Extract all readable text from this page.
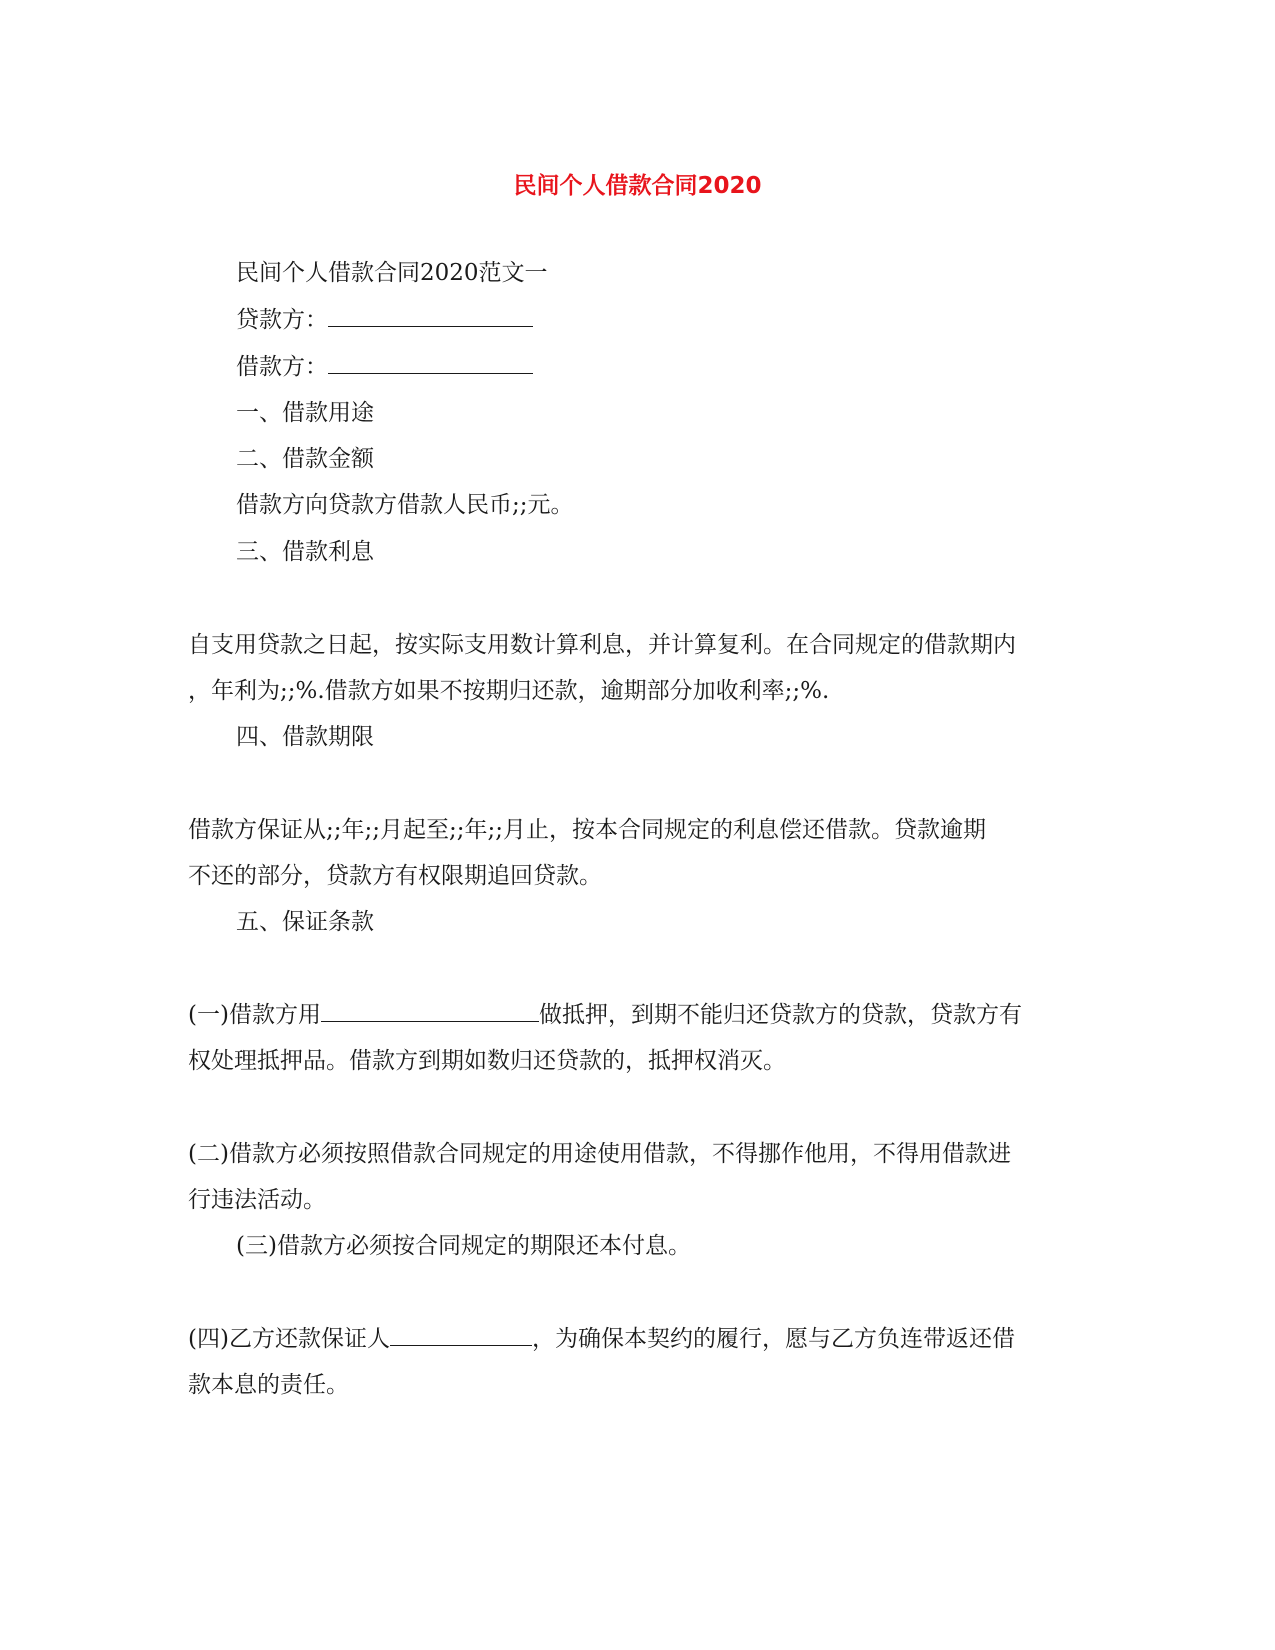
民间个人借款合同2020
民间个人借款合同2020范文一
贷款方：
借款方：
一、借款用途
二、借款金额
借款方向贷款方借款人民币;;元。
三、借款利息
自支用贷款之日起，按实际支用数计算利息，并计算复利。在合同规定的借款期内
，年利为;;%.借款方如果不按期归还款，逾期部分加收利率;;%.
四、借款期限
借款方保证从;;年;;月起至;;年;;月止，按本合同规定的利息偿还借款。贷款逾期
不还的部分，贷款方有权限期追回贷款。
五、保证条款
(一)借款方用	做抵押，到期不能归还贷款方的贷款，贷款方有
权处理抵押品。借款方到期如数归还贷款的，抵押权消灭。
(二)借款方必须按照借款合同规定的用途使用借款，不得挪作他用，不得用借款进
行违法活动。
(三)借款方必须按合同规定的期限还本付息。
(四)乙方还款保证人	，为确保本契约的履行，愿与乙方负连带返还借
款本息的责任。
